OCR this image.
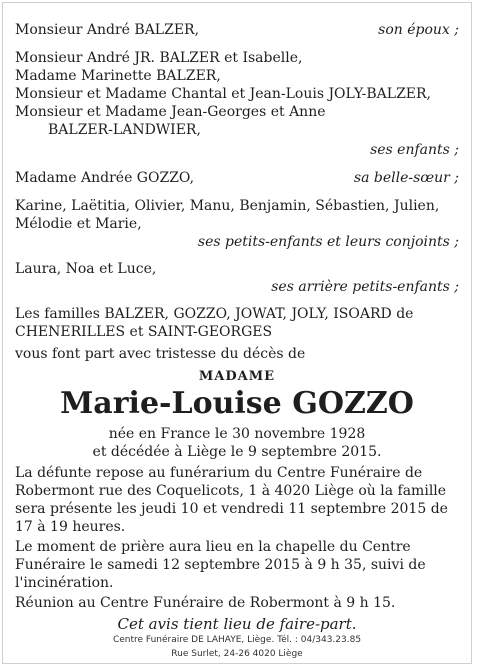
Monsieur André BALZER,	son époux ;
Monsieur André JR. BALZER et Isabelle,
Madame Marinette BALZER,
Monsieur et Madame Chantal et Jean-Louis JOLY-BALZER,
Monsieur et Madame Jean-Georges et Anne
BALZER-LANDWIER,
ses enfants ;
Madame Andrée GOZZO,	sa belle-sœur ;
Karine, Laëtitia, Olivier, Manu, Benjamin, Sébastien, Julien,
Mélodie et Marie,
ses petits-enfants et leurs conjoints ;
Laura, Noa et Luce,
ses arrière petits-enfants ;
Les familles BALZER, GOZZO, JOWAT, JOLY, ISOARD de
CHENERILLES et SAINT-GEORGES
vous font part avec tristesse du décès de
MADAME
Marie-Louise GOZZO
née en France le 30 novembre 1928
et décédée à Liège le 9 septembre 2015.
La défunte repose au funérarium du Centre Funéraire de
Robermont rue des Coquelicots, 1 à 4020 Liège où la famille
sera présente les jeudi 10 et vendredi 11 septembre 2015 de
17 à 19 heures.
Le moment de prière aura lieu en la chapelle du Centre
Funéraire le samedi 12 septembre 2015 à 9 h 35, suivi de
l'incinération.
Réunion au Centre Funéraire de Robermont à 9 h 15.
Cet avis tient lieu de faire-part.
Centre Funéraire DE LAHAYE, Liège. Tél. : 04/343.23.85
Rue Surlet, 24-26 4020 Liège
